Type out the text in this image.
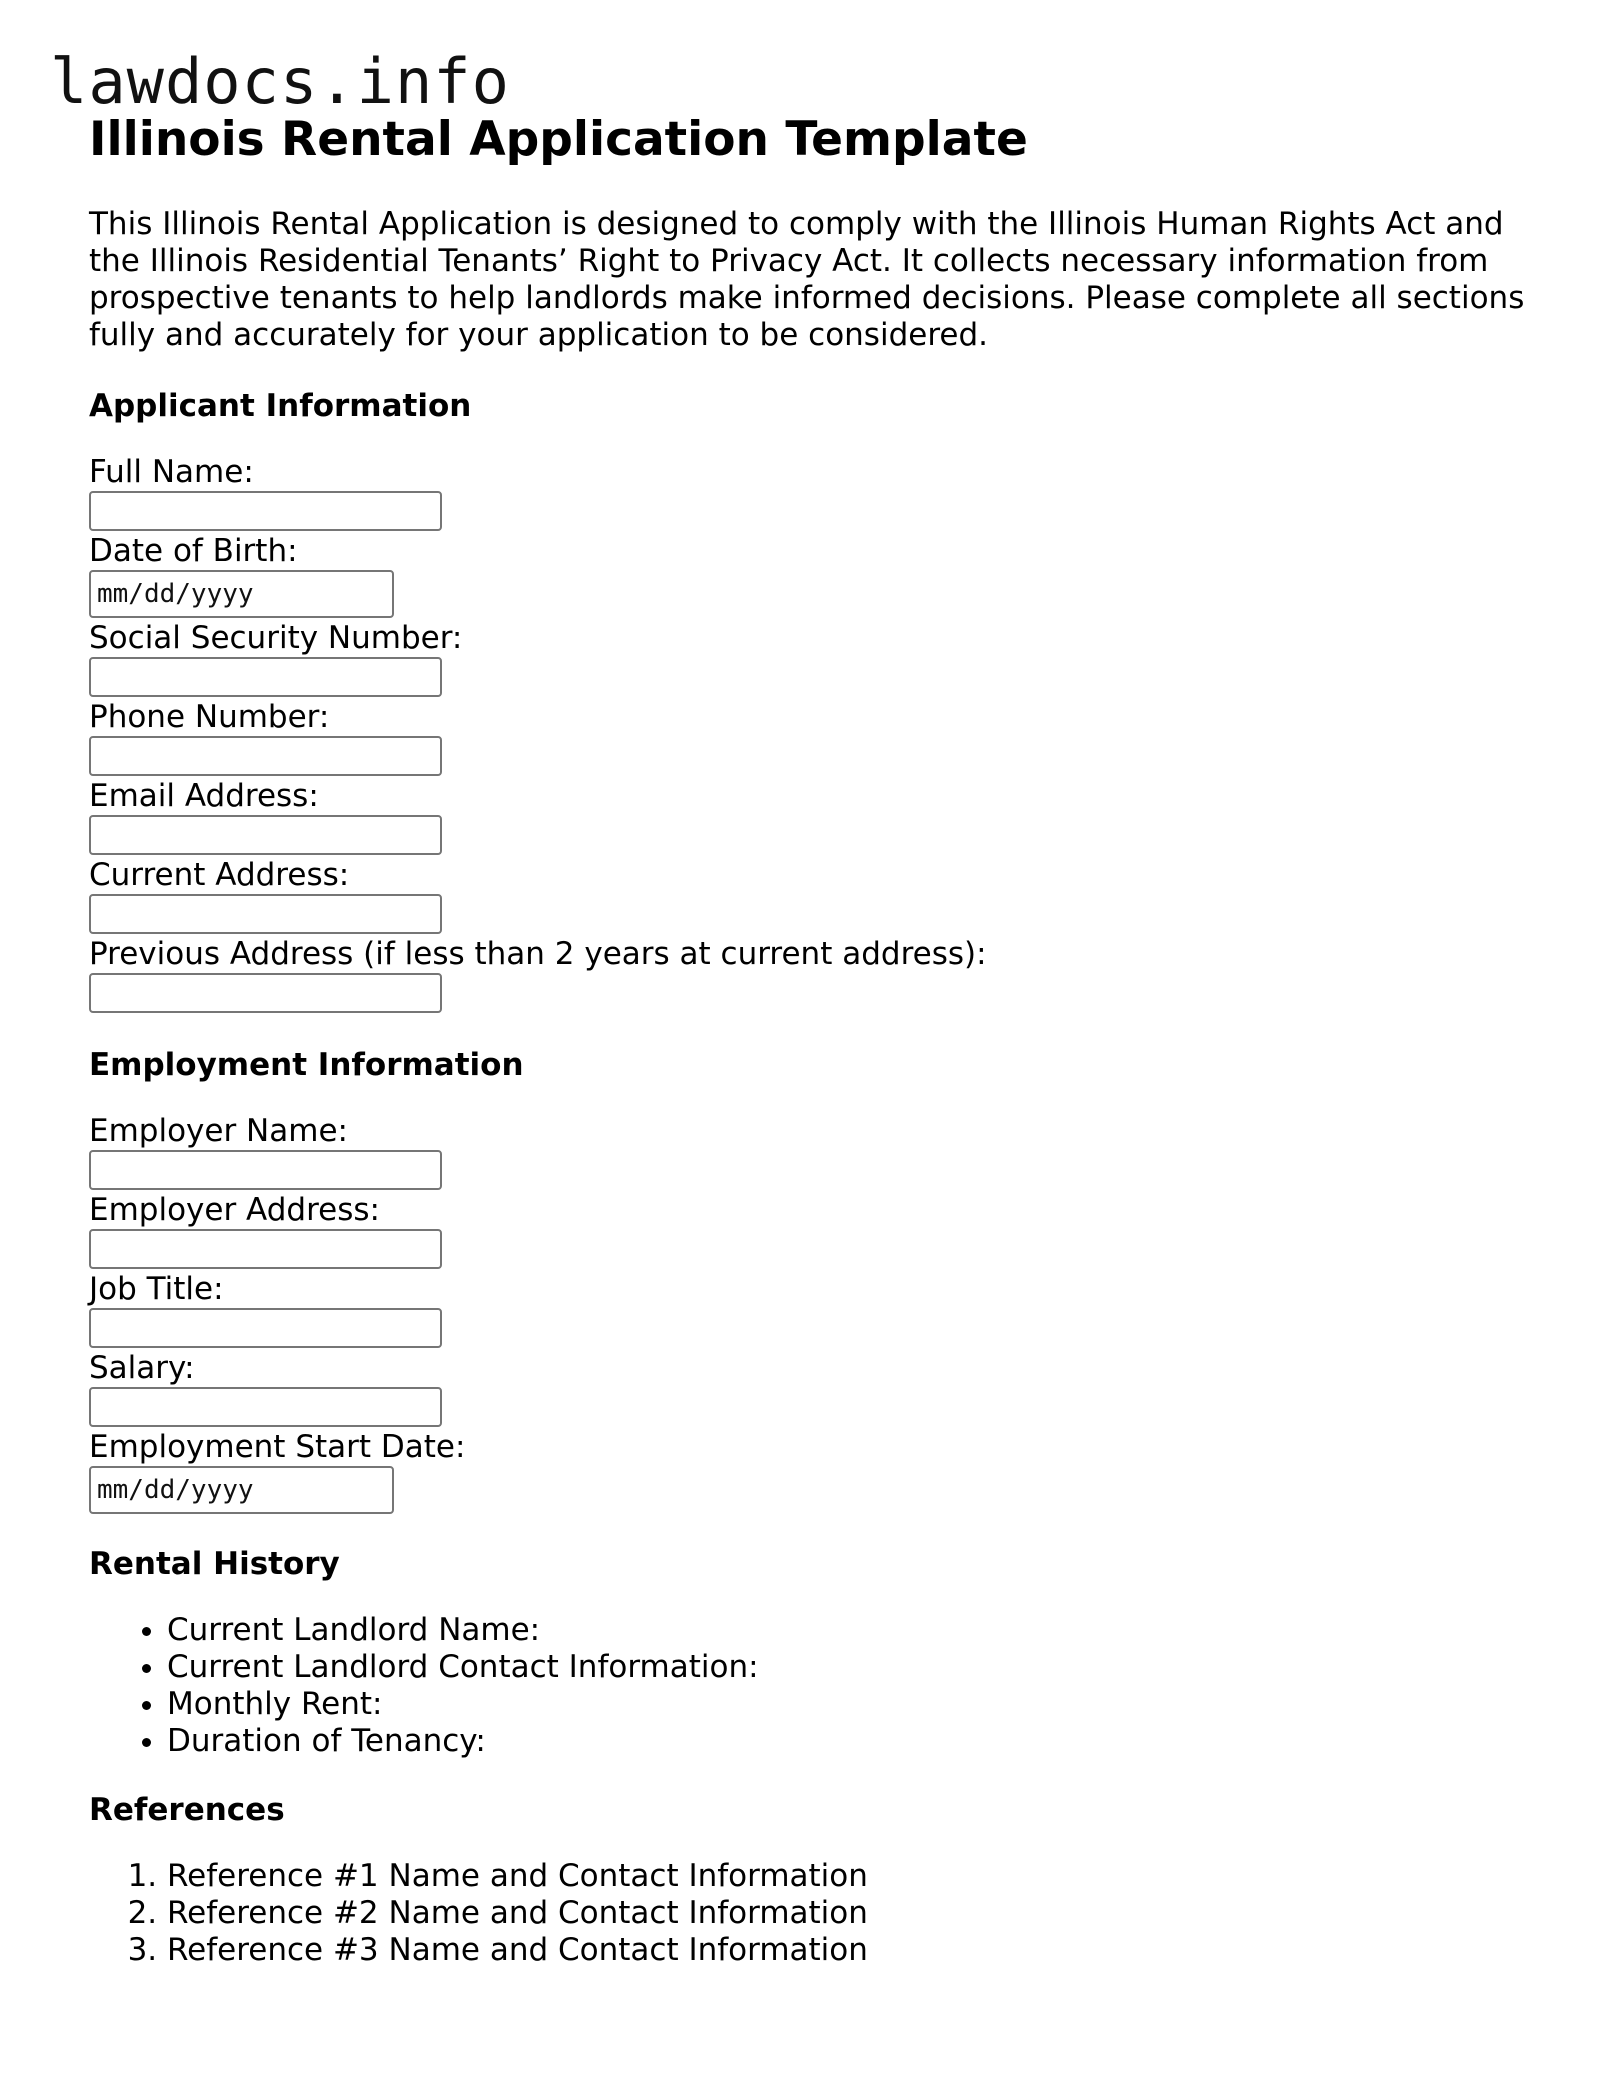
lawdocs.info
Illinois Rental Application Template

This Illinois Rental Application is designed to comply with the Illinois Human Rights Act and the Illinois Residential Tenants’ Right to Privacy Act. It collects necessary information from prospective tenants to help landlords make informed decisions. Please complete all sections fully and accurately for your application to be considered.

Applicant Information
Full Name:
Date of Birth:
mm/dd/yyyy
Social Security Number:
Phone Number:
Email Address:
Current Address:
Previous Address (if less than 2 years at current address):
Employment Information
Employer Name:
Employer Address:
Job Title:
Salary:
Employment Start Date:
mm/dd/yyyy
Rental History
• Current Landlord Name:
• Current Landlord Contact Information:
• Monthly Rent:
• Duration of Tenancy:
References
1. Reference #1 Name and Contact Information
2. Reference #2 Name and Contact Information
3. Reference #3 Name and Contact Information
